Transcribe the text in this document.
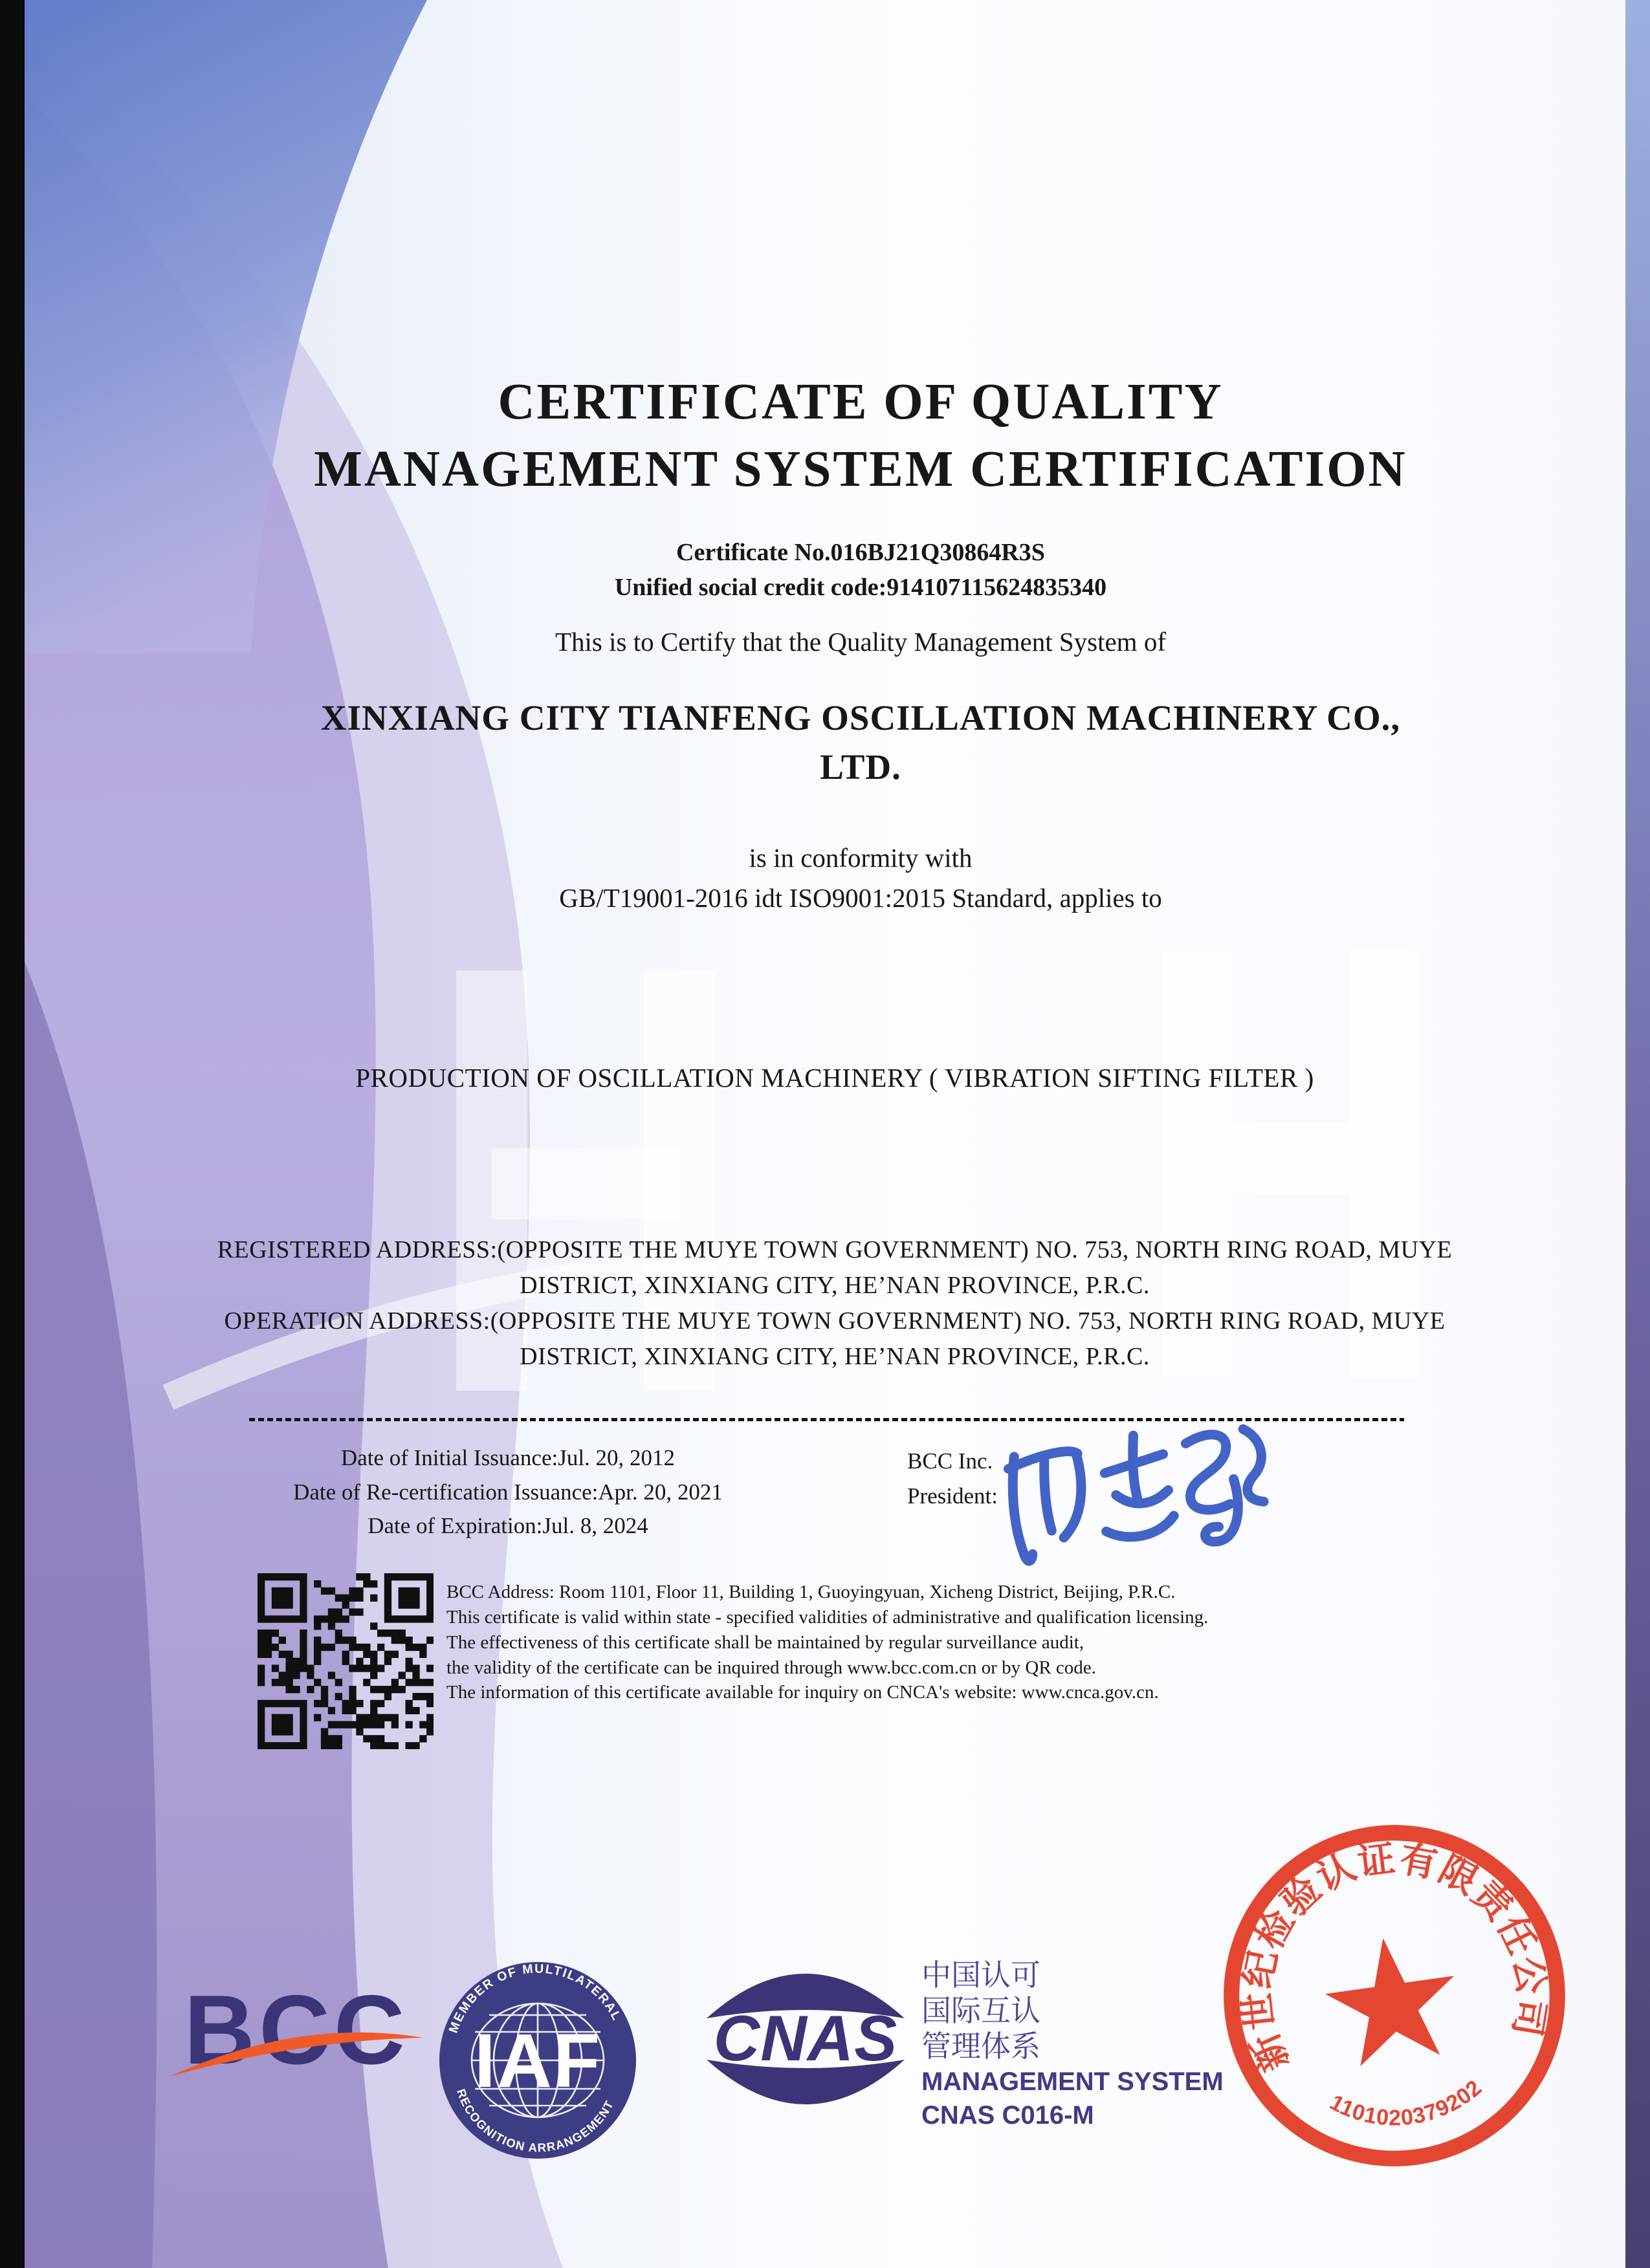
CERTIFICATE OF QUALITY
MANAGEMENT SYSTEM CERTIFICATION
Certificate No.016BJ21Q30864R3S
Unified social credit code:914107115624835340
This is to Certify that the Quality Management System of
XINXIANG CITY TIANFENG OSCILLATION MACHINERY CO.,
LTD.
is in conformity with
GB/T19001-2016 idt ISO9001:2015 Standard, applies to
PRODUCTION OF OSCILLATION MACHINERY ( VIBRATION SIFTING FILTER )
REGISTERED ADDRESS:(OPPOSITE THE MUYE TOWN GOVERNMENT) NO. 753, NORTH RING ROAD, MUYE DISTRICT, XINXIANG CITY, HE’NAN PROVINCE, P.R.C.
OPERATION ADDRESS:(OPPOSITE THE MUYE TOWN GOVERNMENT) NO. 753, NORTH RING ROAD, MUYE DISTRICT, XINXIANG CITY, HE’NAN PROVINCE, P.R.C.
Date of Initial Issuance:Jul. 20, 2012
Date of Re-certification Issuance:Apr. 20, 2021
Date of Expiration:Jul. 8, 2024
BCC Inc.
President:
BCC Address: Room 1101, Floor 11, Building 1, Guoyingyuan, Xicheng District, Beijing, P.R.C.
This certificate is valid within state - specified validities of administrative and qualification licensing.
The effectiveness of this certificate shall be maintained by regular surveillance audit,
the validity of the certificate can be inquired through www.bcc.com.cn or by QR code.
The information of this certificate available for inquiry on CNCA's website: www.cnca.gov.cn.
BCC	MEMBER OF MULTILATERAL
RECOGNITION ARRANGEMENT
IAF CNAS
中国认可
国际互认
管理体系
MANAGEMENT SYSTEM
CNAS C016-M
新世纪检验认证有限责任公司
1101020379202
